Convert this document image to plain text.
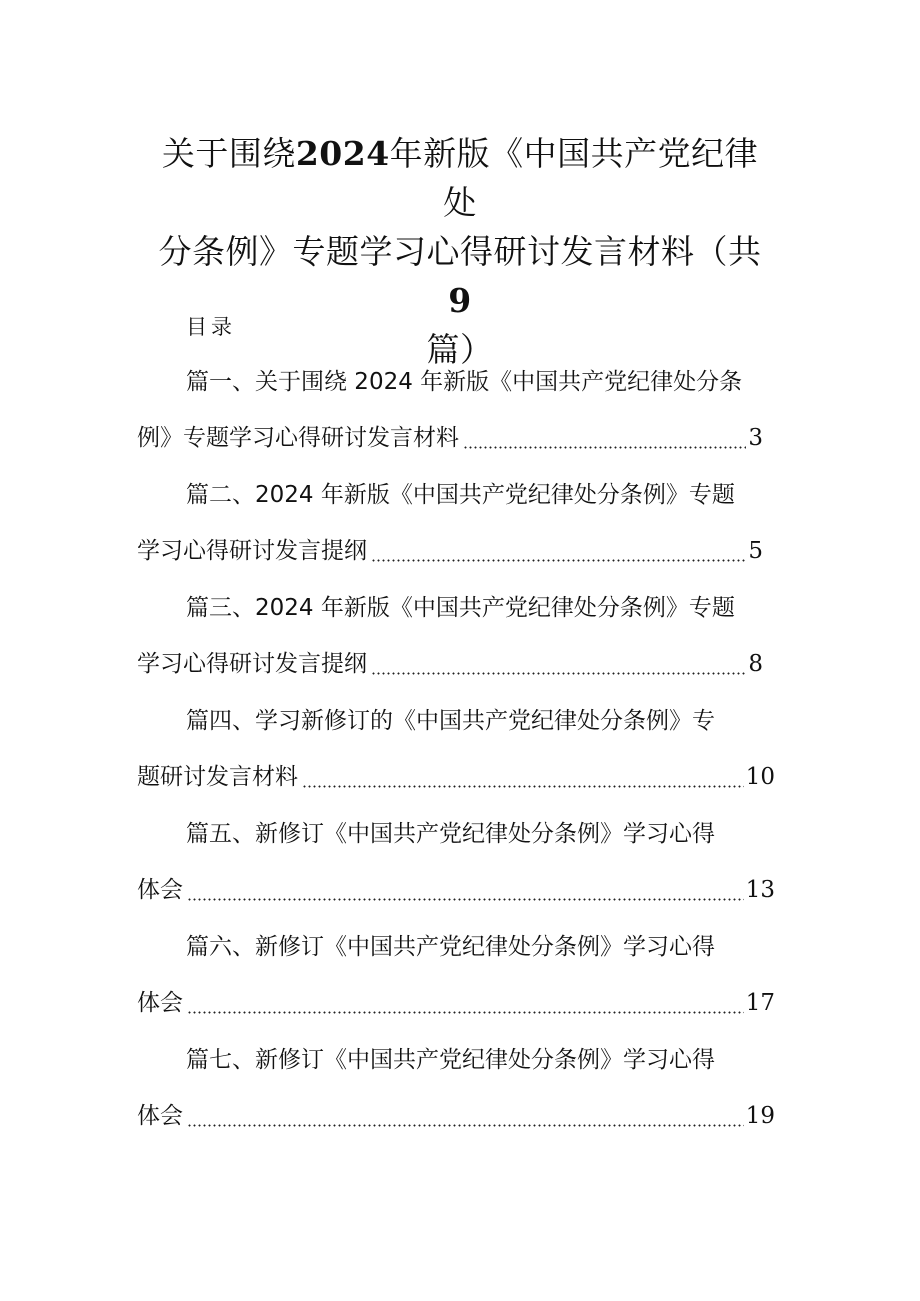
关于围绕2024年新版《中国共产党纪律处
分条例》专题学习心得研讨发言材料（共9
篇）
目录
篇一、关于围绕 2024 年新版《中国共产党纪律处分条
例》专题学习心得研讨发言材料	3
篇二、2024 年新版《中国共产党纪律处分条例》专题
学习心得研讨发言提纲	5
篇三、2024 年新版《中国共产党纪律处分条例》专题
学习心得研讨发言提纲	8
篇四、学习新修订的《中国共产党纪律处分条例》专
题研讨发言材料	10
篇五、新修订《中国共产党纪律处分条例》学习心得
体会	13
篇六、新修订《中国共产党纪律处分条例》学习心得
体会	17
篇七、新修订《中国共产党纪律处分条例》学习心得
体会	19
